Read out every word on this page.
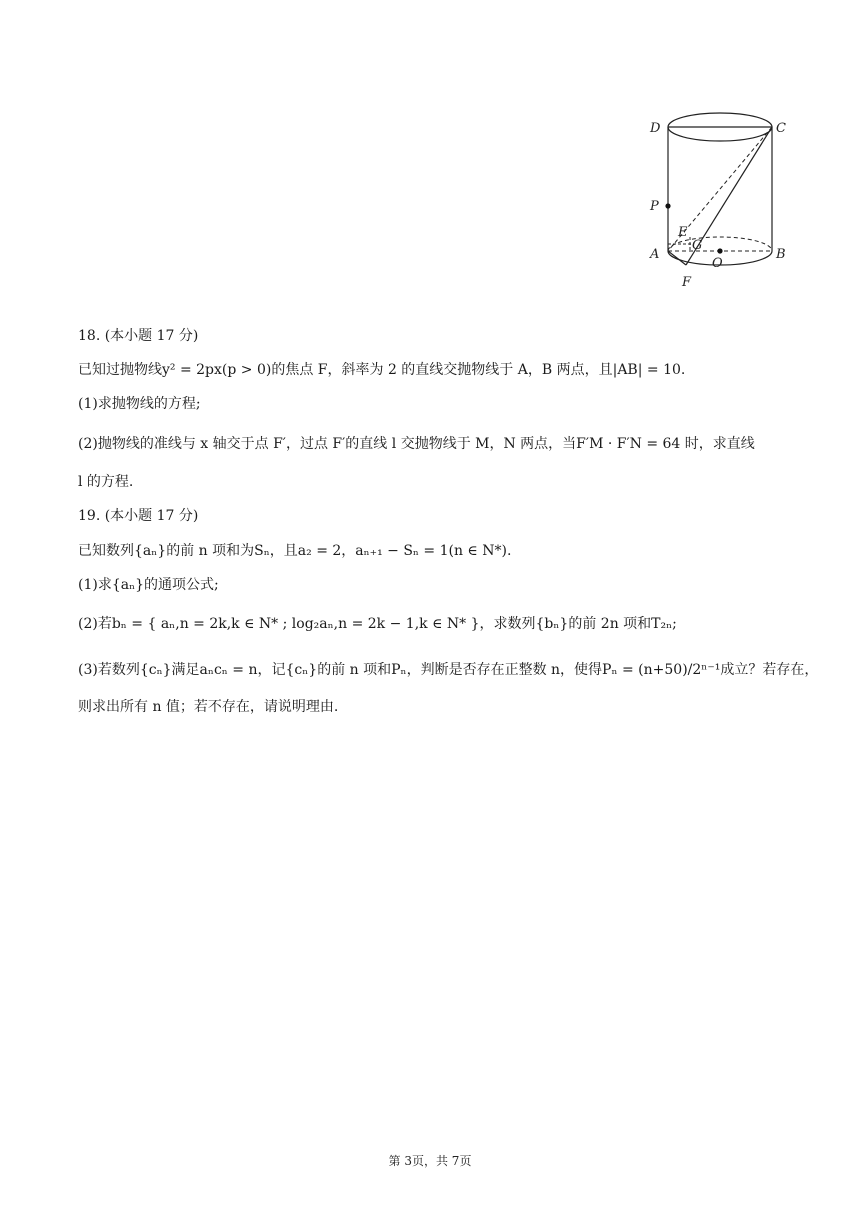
D	C
P
E
G
A
O
B
F
18. (本小题 17 分)
已知过抛物线y² = 2px(p > 0)的焦点 F，斜率为 2 的直线交抛物线于 A，B 两点，且|AB| = 10.
(1)求抛物线的方程;
(2)抛物线的准线与 x 轴交于点 F′，过点 F′的直线 l 交抛物线于 M，N 两点，当F′M · F′N = 64 时，求直线
l 的方程.
19. (本小题 17 分)
已知数列{aₙ}的前 n 项和为Sₙ，且a₂ = 2，aₙ₊₁ − Sₙ = 1(n ∈ N*).
(1)求{aₙ}的通项公式;
(2)若bₙ = { aₙ,n = 2k,k ∈ N* ; log₂aₙ,n = 2k − 1,k ∈ N* }，求数列{bₙ}的前 2n 项和T₂ₙ;
(3)若数列{cₙ}满足aₙcₙ = n，记{cₙ}的前 n 项和Pₙ，判断是否存在正整数 n，使得Pₙ = (n+50)/2ⁿ⁻¹成立？若存在，
则求出所有 n 值；若不存在，请说明理由.
第 3页，共 7页
